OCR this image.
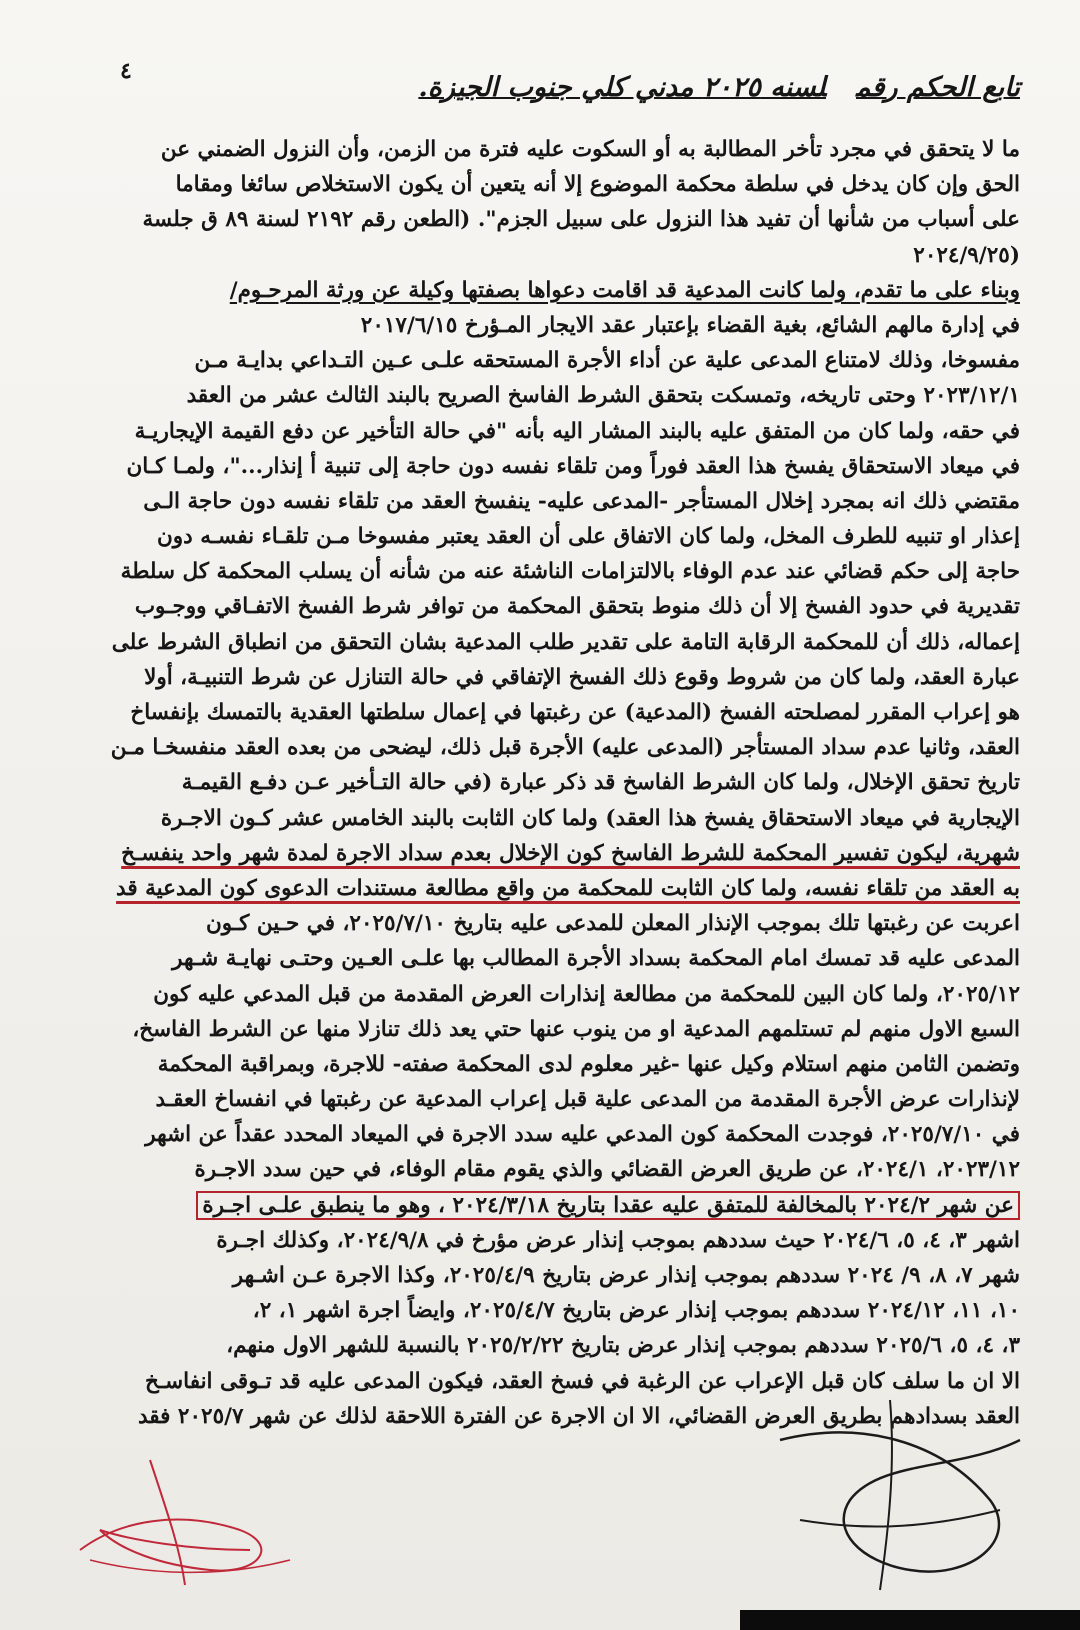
٤
تابع الحكم رقملسنه ٢٠٢٥ مدني كلي جنوب الجيزة.
ما لا يتحقق في مجرد تأخر المطالبة به أو السكوت عليه فترة من الزمن، وأن النزول الضمني عن
الحق وإن كان يدخل في سلطة محكمة الموضوع إلا أنه يتعين أن يكون الاستخلاص سائغا ومقاما
على أسباب من شأنها أن تفيد هذا النزول على سبيل الجزم". (الطعن رقم ٢١٩٢ لسنة ٨٩ ق جلسة
(٢٠٢٤/٩/٢٥
وبناء على ما تقدم، ولما كانت المدعية قد اقامت دعواها بصفتها وكيلة عن ورثة المرحـوم/
في إدارة مالهم الشائع، بغية القضاء بإعتبار عقد الايجار المـؤرخ ٢٠١٧/٦/١٥
مفسوخا، وذلك لامتناع المدعى علية عن أداء الأجرة المستحقه علـى عـين التـداعي بدايـة مـن
٢٠٢٣/١٢/١ وحتى تاريخه، وتمسكت بتحقق الشرط الفاسخ الصريح بالبند الثالث عشر من العقد
في حقه، ولما كان من المتفق عليه بالبند المشار اليه بأنه "في حالة التأخير عن دفع القيمة الإيجاريـة
في ميعاد الاستحقاق يفسخ هذا العقد فوراً ومن تلقاء نفسه دون حاجة إلى تنبية أ إنذار..."، ولمـا كـان
مقتضي ذلك انه بمجرد إخلال المستأجر -المدعى عليه- ينفسخ العقد من تلقاء نفسه دون حاجة الـى
إعذار او تنبيه للطرف المخل، ولما كان الاتفاق على أن العقد يعتبر مفسوخا مـن تلقـاء نفسـه دون
حاجة إلى حكم قضائي عند عدم الوفاء بالالتزامات الناشئة عنه من شأنه أن يسلب المحكمة كل سلطة
تقديرية في حدود الفسخ إلا أن ذلك منوط بتحقق المحكمة من توافر شرط الفسخ الاتفـاقي ووجـوب
إعماله، ذلك أن للمحكمة الرقابة التامة على تقدير طلب المدعية بشان التحقق من انطباق الشرط على
عبارة العقد، ولما كان من شروط وقوع ذلك الفسخ الإتفاقي في حالة التنازل عن شرط التنبيـة، أولا
هو إعراب المقرر لمصلحته الفسخ (المدعية) عن رغبتها في إعمال سلطتها العقدية بالتمسك بإنفساخ
العقد، وثانيا عدم سداد المستأجر (المدعى عليه) الأجرة قبل ذلك، ليضحى من بعده العقد منفسخـا مـن
تاريخ تحقق الإخلال، ولما كان الشرط الفاسخ قد ذكر عبارة (في حالة التـأخير عـن دفـع القيمـة
الإيجارية في ميعاد الاستحقاق يفسخ هذا العقد) ولما كان الثابت بالبند الخامس عشر كـون الاجـرة
شهرية، ليكون تفسير المحكمة للشرط الفاسخ كون الإخلال بعدم سداد الاجرة لمدة شهر واحد ينفسـخ
به العقد من تلقاء نفسه، ولما كان الثابت للمحكمة من واقع مطالعة مستندات الدعوى كون المدعية قد
اعربت عن رغبتها تلك بموجب الإنذار المعلن للمدعى عليه بتاريخ ٢٠٢٥/٧/١٠، في حـين كـون
المدعى عليه قد تمسك امام المحكمة بسداد الأجرة المطالب بها علـى العـين وحتـى نهايـة شـهر
٢٠٢٥/١٢، ولما كان البين للمحكمة من مطالعة إنذارات العرض المقدمة من قبل المدعي عليه كون
السبع الاول منهم لم تستلمهم المدعية او من ينوب عنها حتي يعد ذلك تنازلا منها عن الشرط الفاسخ،
وتضمن الثامن منهم استلام وكيل عنها -غير معلوم لدى المحكمة صفته- للاجرة، وبمراقبة المحكمة
لإنذارات عرض الأجرة المقدمة من المدعى علية قبل إعراب المدعية عن رغبتها في انفساخ العقـد
في ٢٠٢٥/٧/١٠، فوجدت المحكمة كون المدعي عليه سدد الاجرة في الميعاد المحدد عقداً عن اشهر
٢٠٢٣/١٢، ٢٠٢٤/١، عن طريق العرض القضائي والذي يقوم مقام الوفاء، في حين سدد الاجـرة
عن شهر ٢٠٢٤/٢ بالمخالفة للمتفق عليه عقدا بتاريخ ٢٠٢٤/٣/١٨ ، وهو ما ينطبق علـى اجـرة
اشهر ٣، ٤، ٥، ٢٠٢٤/٦ حيث سددهم بموجب إنذار عرض مؤرخ في ٢٠٢٤/٩/٨، وكذلك اجـرة
شهر ٧، ٨، ٩/ ٢٠٢٤ سددهم بموجب إنذار عرض بتاريخ ٢٠٢٥/٤/٩، وكذا الاجرة عـن اشـهر
١٠، ١١، ٢٠٢٤/١٢ سددهم بموجب إنذار عرض بتاريخ ٢٠٢٥/٤/٧، وايضاً اجرة اشهر ١، ٢،
٣، ٤، ٥، ٢٠٢٥/٦ سددهم بموجب إنذار عرض بتاريخ ٢٠٢٥/٢/٢٢ بالنسبة للشهر الاول منهم،
الا ان ما سلف كان قبل الإعراب عن الرغبة في فسخ العقد، فيكون المدعى عليه قد تـوقى انفاسـخ
العقد بسدادهم بطريق العرض القضائي، الا ان الاجرة عن الفترة اللاحقة لذلك عن شهر ٢٠٢٥/٧ فقد
